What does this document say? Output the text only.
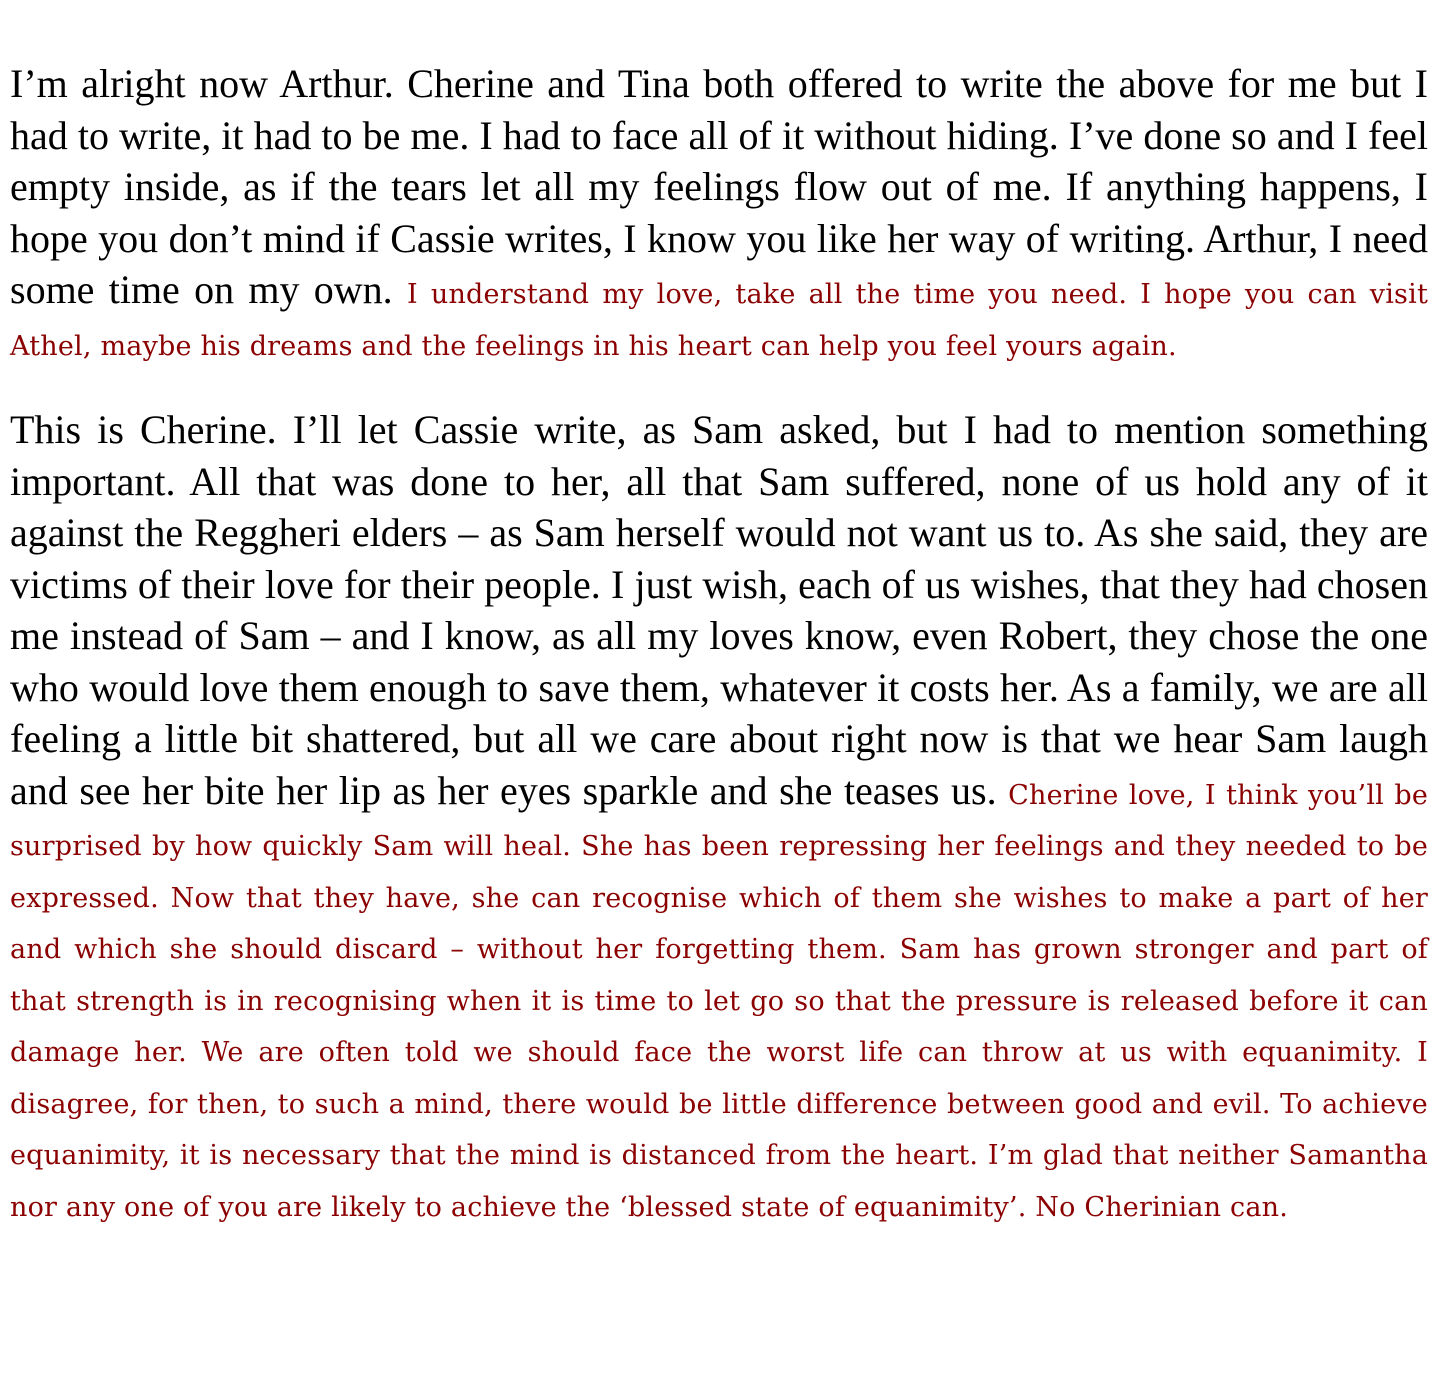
I’m alright now Arthur. Cherine and Tina both offered to write the above for me but I had to write, it had to be me. I had to face all of it without hiding. I’ve done so and I feel empty inside, as if the tears let all my feelings flow out of me. If anything happens, I hope you don’t mind if Cassie writes, I know you like her way of writing. Arthur, I need some time on my own. I understand my love, take all the time you need. I hope you can visit Athel, maybe his dreams and the feelings in his heart can help you feel yours again.

This is Cherine. I’ll let Cassie write, as Sam asked, but I had to mention something important. All that was done to her, all that Sam suffered, none of us hold any of it against the Reggheri elders – as Sam herself would not want us to. As she said, they are victims of their love for their people. I just wish, each of us wishes, that they had chosen me instead of Sam – and I know, as all my loves know, even Robert, they chose the one who would love them enough to save them, whatever it costs her. As a family, we are all feeling a little bit shattered, but all we care about right now is that we hear Sam laugh and see her bite her lip as her eyes sparkle and she teases us. Cherine love, I think you’ll be surprised by how quickly Sam will heal. She has been repressing her feelings and they needed to be expressed. Now that they have, she can recognise which of them she wishes to make a part of her and which she should discard – without her forgetting them. Sam has grown stronger and part of that strength is in recognising when it is time to let go so that the pressure is released before it can damage her. We are often told we should face the worst life can throw at us with equanimity. I disagree, for then, to such a mind, there would be little difference between good and evil. To achieve equanimity, it is necessary that the mind is distanced from the heart. I’m glad that neither Samantha nor any one of you are likely to achieve the ‘blessed state of equanimity’. No Cherinian can.
